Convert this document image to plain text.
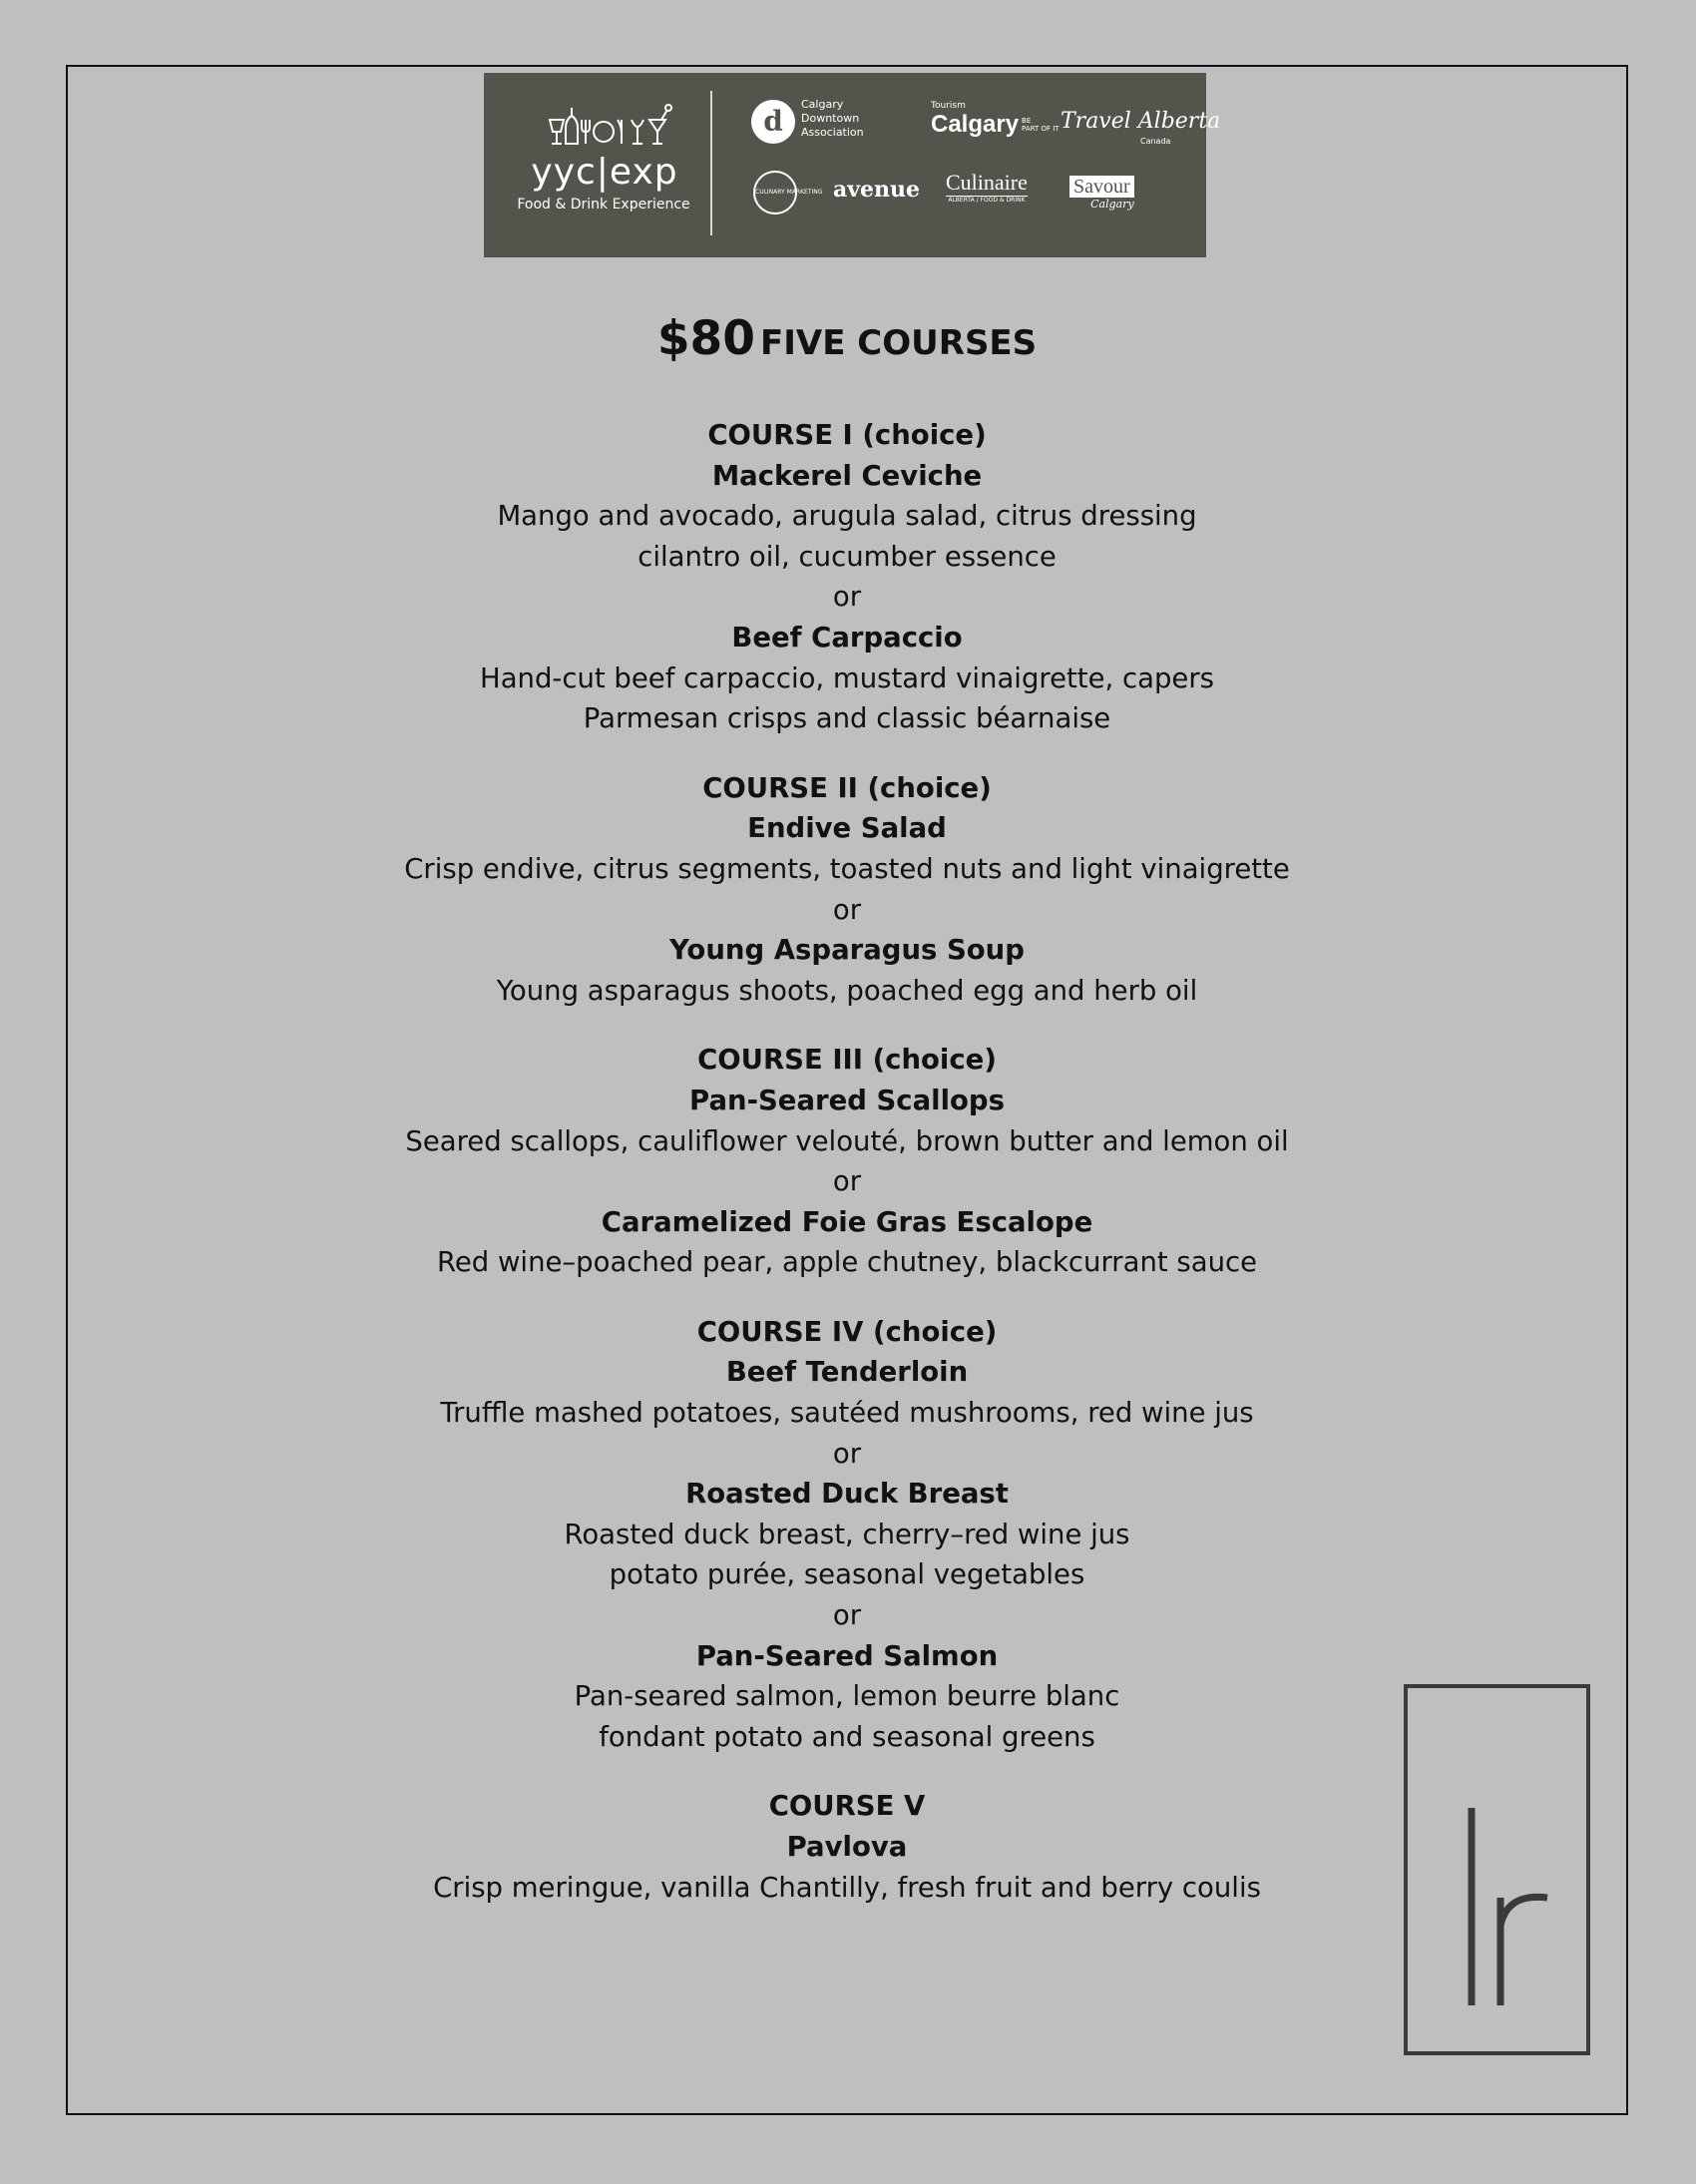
yyc|exp
Food & Drink Experience
d
Calgary
Downtown
Association
Tourism
Calgary BE
PART OF IT Travel Alberta
Canada
CULINARY MARKETING avenue Culinaire
ALBERTA / FOOD & DRINK
Savour
Calgary
$80 FIVE COURSES
COURSE I (choice)
Mackerel Ceviche
Mango and avocado, arugula salad, citrus dressing
cilantro oil, cucumber essence
or
Beef Carpaccio
Hand-cut beef carpaccio, mustard vinaigrette, capers
Parmesan crisps and classic béarnaise
COURSE II (choice)
Endive Salad
Crisp endive, citrus segments, toasted nuts and light vinaigrette
or
Young Asparagus Soup
Young asparagus shoots, poached egg and herb oil
COURSE III (choice)
Pan-Seared Scallops
Seared scallops, cauliflower velouté, brown butter and lemon oil
or
Caramelized Foie Gras Escalope
Red wine–poached pear, apple chutney, blackcurrant sauce
COURSE IV (choice)
Beef Tenderloin
Truffle mashed potatoes, sautéed mushrooms, red wine jus
or
Roasted Duck Breast
Roasted duck breast, cherry–red wine jus
potato purée, seasonal vegetables
or
Pan-Seared Salmon
Pan-seared salmon, lemon beurre blanc
fondant potato and seasonal greens
COURSE V
Pavlova
Crisp meringue, vanilla Chantilly, fresh fruit and berry coulis
